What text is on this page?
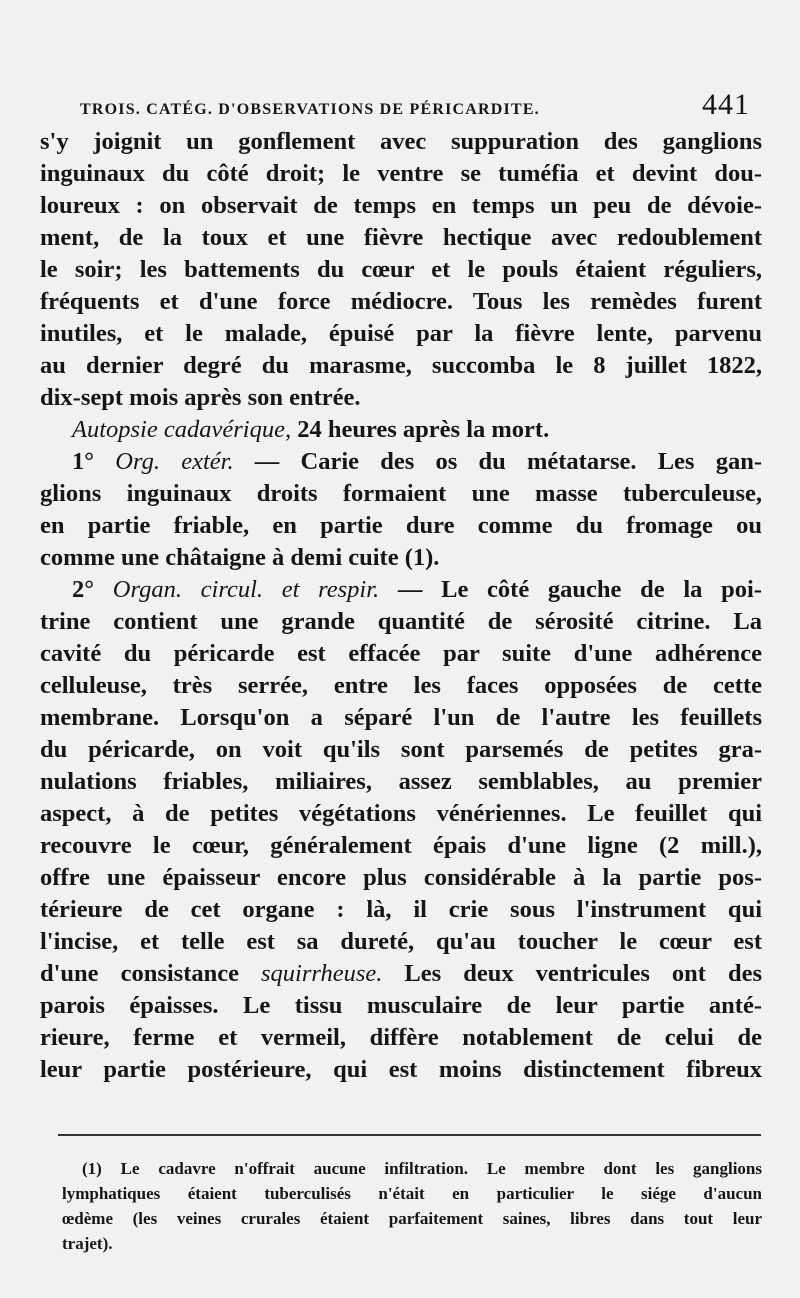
TROIS. CATÉG. D'OBSERVATIONS DE PÉRICARDITE.	441
s'y joignit un gonflement avec suppuration des ganglions
inguinaux du côté droit; le ventre se tuméfia et devint dou-
loureux : on observait de temps en temps un peu de dévoie-
ment, de la toux et une fièvre hectique avec redoublement
le soir; les battements du cœur et le pouls étaient réguliers,
fréquents et d'une force médiocre. Tous les remèdes furent
inutiles, et le malade, épuisé par la fièvre lente, parvenu
au dernier degré du marasme, succomba le 8 juillet 1822,
dix-sept mois après son entrée.
Autopsie cadavérique, 24 heures après la mort.
1° Org. extér. — Carie des os du métatarse. Les gan-
glions inguinaux droits formaient une masse tuberculeuse,
en partie friable, en partie dure comme du fromage ou
comme une châtaigne à demi cuite (1).
2° Organ. circul. et respir. — Le côté gauche de la poi-
trine contient une grande quantité de sérosité citrine. La
cavité du péricarde est effacée par suite d'une adhérence
celluleuse, très serrée, entre les faces opposées de cette
membrane. Lorsqu'on a séparé l'un de l'autre les feuillets
du péricarde, on voit qu'ils sont parsemés de petites gra-
nulations friables, miliaires, assez semblables, au premier
aspect, à de petites végétations vénériennes. Le feuillet qui
recouvre le cœur, généralement épais d'une ligne (2 mill.),
offre une épaisseur encore plus considérable à la partie pos-
térieure de cet organe : là, il crie sous l'instrument qui
l'incise, et telle est sa dureté, qu'au toucher le cœur est
d'une consistance squirrheuse. Les deux ventricules ont des
parois épaisses. Le tissu musculaire de leur partie anté-
rieure, ferme et vermeil, diffère notablement de celui de
leur partie postérieure, qui est moins distinctement fibreux
(1) Le cadavre n'offrait aucune infiltration. Le membre dont les ganglions
lymphatiques étaient tuberculisés n'était en particulier le siége d'aucun
œdème (les veines crurales étaient parfaitement saines, libres dans tout leur
trajet).
